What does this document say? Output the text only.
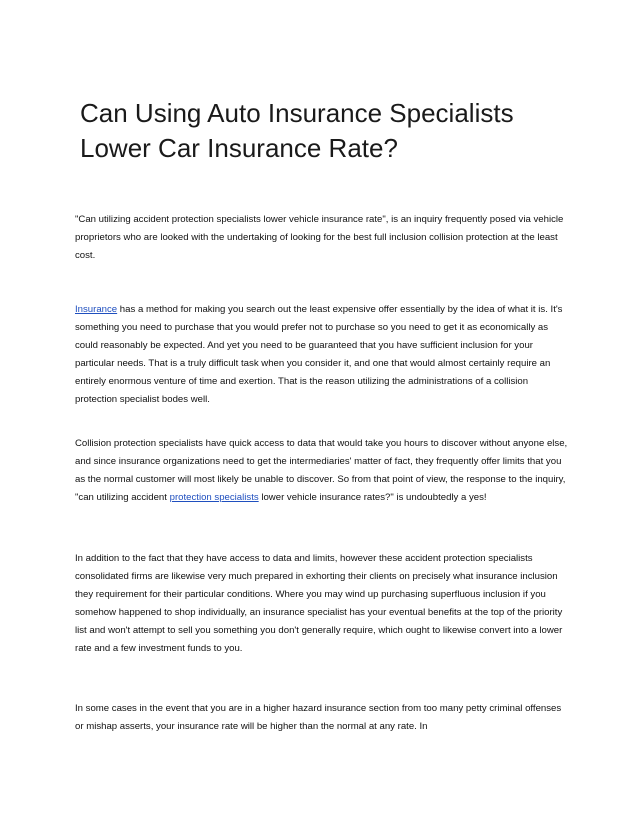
Can Using Auto Insurance Specialists
Lower Car Insurance Rate?

"Can utilizing accident protection specialists lower vehicle insurance rate", is an inquiry frequently posed via vehicle proprietors who are looked with the undertaking of looking for the best full inclusion collision protection at the least cost.

Insurance has a method for making you search out the least expensive offer essentially by the idea of what it is. It's something you need to purchase that you would prefer not to purchase so you need to get it as economically as could reasonably be expected. And yet you need to be guaranteed that you have sufficient inclusion for your particular needs. That is a truly difficult task when you consider it, and one that would almost certainly require an entirely enormous venture of time and exertion. That is the reason utilizing the administrations of a collision protection specialist bodes well.

Collision protection specialists have quick access to data that would take you hours to discover without anyone else, and since insurance organizations need to get the intermediaries' matter of fact, they frequently offer limits that you as the normal customer will most likely be unable to discover. So from that point of view, the response to the inquiry, "can utilizing accident protection specialists lower vehicle insurance rates?" is undoubtedly a yes!

In addition to the fact that they have access to data and limits, however these accident protection specialists consolidated firms are likewise very much prepared in exhorting their clients on precisely what insurance inclusion they requirement for their particular conditions. Where you may wind up purchasing superfluous inclusion if you somehow happened to shop individually, an insurance specialist has your eventual benefits at the top of the priority list and won't attempt to sell you something you don't generally require, which ought to likewise convert into a lower rate and a few investment funds to you.

In some cases in the event that you are in a higher hazard insurance section from too many petty criminal offenses or mishap asserts, your insurance rate will be higher than the normal at any rate. In
